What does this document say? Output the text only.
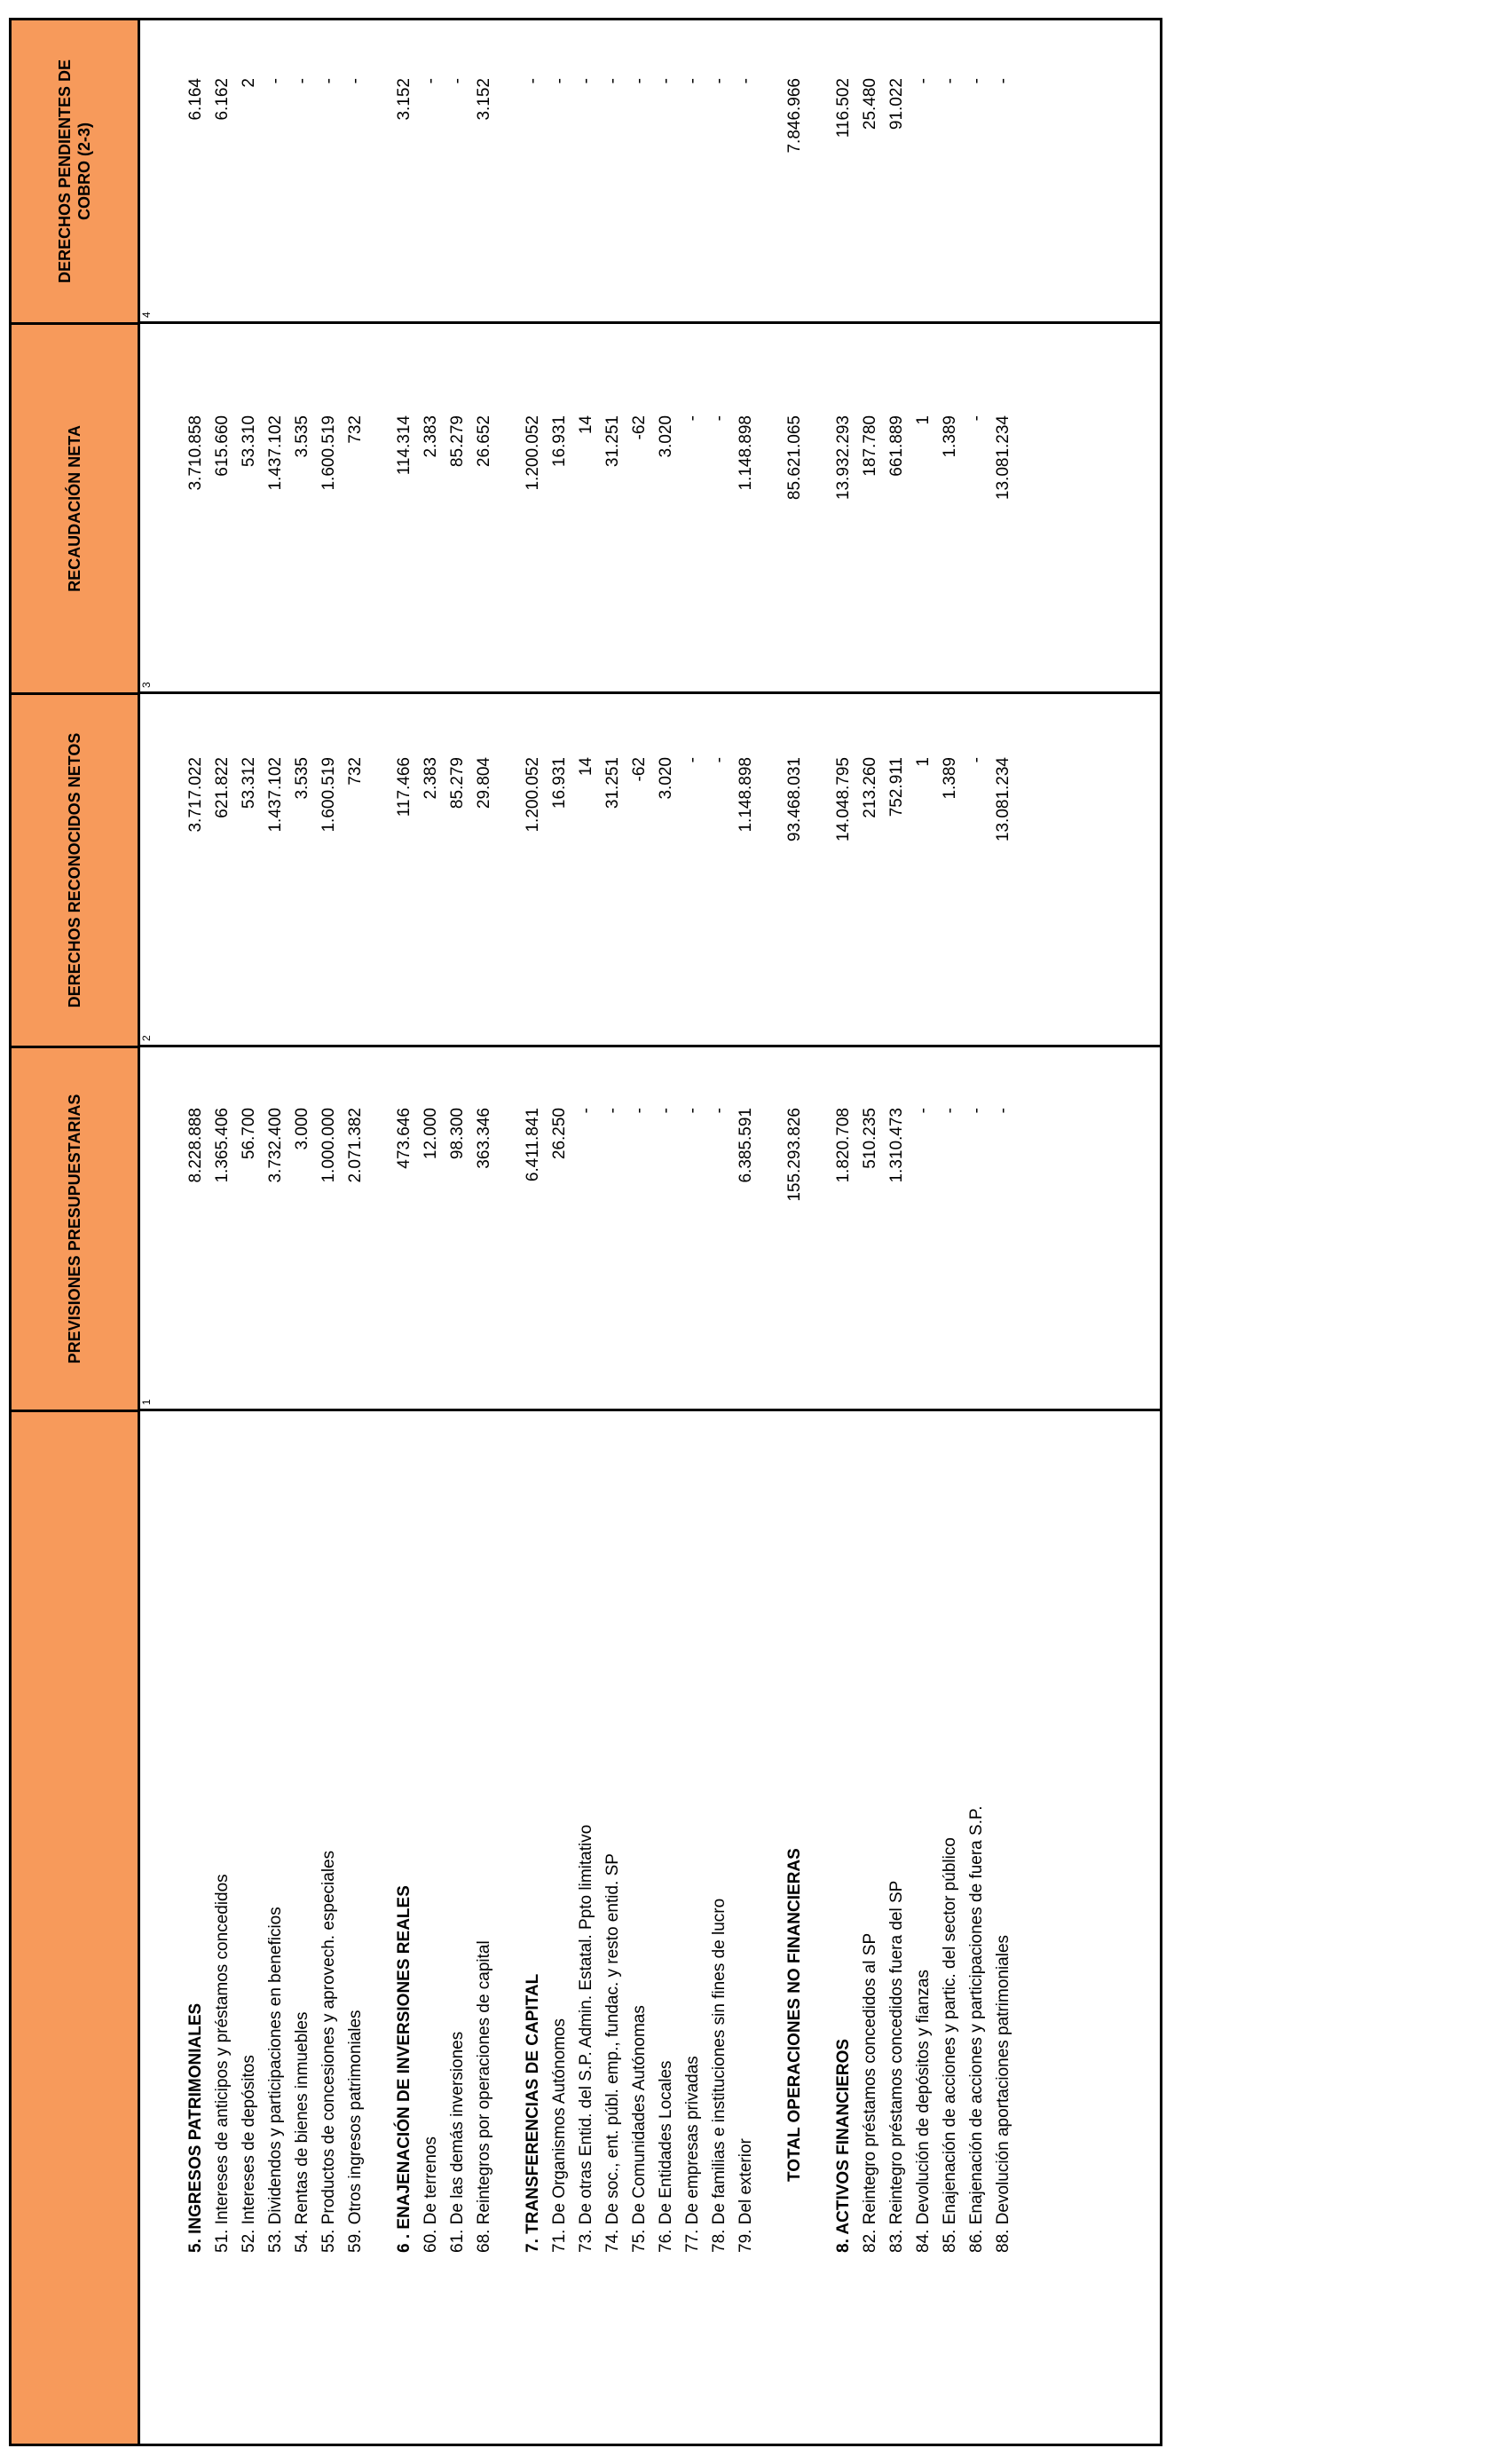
PREVISIONES PRESUPUESTARIAS
DERECHOS RECONOCIDOS NETOS
RECAUDACIÓN NETA
DERECHOS PENDIENTES DE COBRO (2-3)
1
2
3
4
5. INGRESOS PATRIMONIALES
8.228.888
3.717.022
3.710.858
6.164
51. Intereses de anticipos y préstamos concedidos
1.365.406
621.822
615.660
6.162
52. Intereses de depósitos
56.700
53.312
53.310
2
53. Dividendos y participaciones en beneficios
3.732.400
1.437.102
1.437.102
-
54. Rentas de bienes inmuebles
3.000
3.535
3.535
-
55. Productos de concesiones y aprovech. especiales
1.000.000
1.600.519
1.600.519
-
59. Otros ingresos patrimoniales
2.071.382
732
732
-
6 . ENAJENACIÓN DE INVERSIONES REALES
473.646
117.466
114.314
3.152
60. De terrenos
12.000
2.383
2.383
-
61. De las demás inversiones
98.300
85.279
85.279
-
68. Reintegros por operaciones de capital
363.346
29.804
26.652
3.152
7. TRANSFERENCIAS DE CAPITAL
6.411.841
1.200.052
1.200.052
-
71. De Organismos Autónomos
26.250
16.931
16.931
-
73. De otras Entid. del S.P. Admin. Estatal. Ppto limitativo
-
14
14
-
74. De soc., ent. públ. emp., fundac. y resto entid. SP
-
31.251
31.251
-
75. De Comunidades Autónomas
-
-62
-62
-
76. De Entidades Locales
-
3.020
3.020
-
77. De empresas privadas
-
-
-
-
78. De familias e instituciones sin fines de lucro
-
-
-
-
79. Del exterior
6.385.591
1.148.898
1.148.898
-
TOTAL OPERACIONES NO FINANCIERAS
155.293.826
93.468.031
85.621.065
7.846.966
8. ACTIVOS FINANCIEROS
1.820.708
14.048.795
13.932.293
116.502
82. Reintegro préstamos concedidos al SP
510.235
213.260
187.780
25.480
83. Reintegro préstamos concedidos fuera del SP
1.310.473
752.911
661.889
91.022
84. Devolución de depósitos y fianzas
-
1
1
-
85. Enajenación de acciones y partic. del sector público
-
1.389
1.389
-
86. Enajenación de acciones y participaciones de fuera S.P.
-
-
-
-
88. Devolución aportaciones patrimoniales
-
13.081.234
13.081.234
-
